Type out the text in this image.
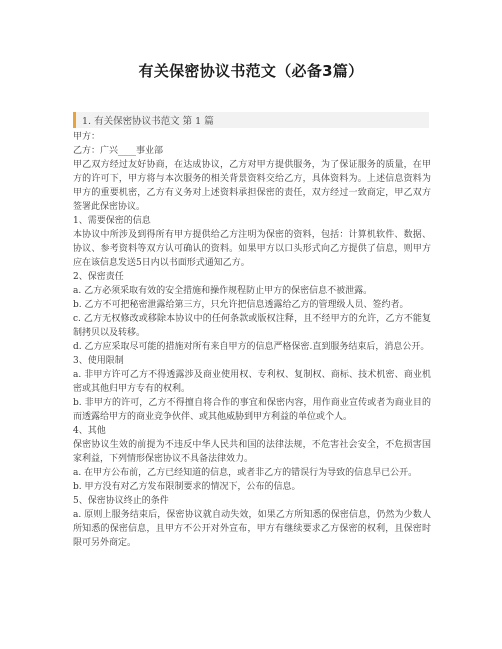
有关保密协议书范文（必备3篇）
1. 有关保密协议书范文 第 1 篇

甲方：

乙方：广兴____事业部

甲乙双方经过友好协商，在达成协议，乙方对甲方提供服务，为了保证服务的质量，在甲方的许可下，甲方将与本次服务的相关背景资料交给乙方，具体资料为。上述信息资料为甲方的重要机密，乙方有义务对上述资料承担保密的责任，双方经过一致商定，甲乙双方签署此保密协议。

1、需要保密的信息

本协议中所涉及到得所有甲方提供给乙方注明为保密的资料，包括：计算机软件、数据、协议、参考资料等双方认可确认的资料。如果甲方以口头形式向乙方提供了信息，则甲方应在该信息发送5日内以书面形式通知乙方。

2、保密责任

a. 乙方必须采取有效的安全措施和操作规程防止甲方的保密信息不被泄露。

b. 乙方不可把秘密泄露给第三方，只允许把信息透露给乙方的管理级人员、签约者。

c. 乙方无权修改或移除本协议中的任何条款或版权注释，且不经甲方的允许，乙方不能复制拷贝以及转移。

d. 乙方应采取尽可能的措施对所有来自甲方的信息严格保密.直到服务结束后，消息公开。

3、使用限制

a. 非甲方许可乙方不得透露涉及商业使用权、专利权、复制权、商标、技术机密、商业机密或其他归甲方专有的权利。

b. 非甲方的许可，乙方不得擅自将合作的事宜和保密内容，用作商业宣传或者为商业目的而透露给甲方的商业竞争伙伴、或其他威胁到甲方利益的单位或个人。

4、其他

保密协议生效的前提为不违反中华人民共和国的法律法规，不危害社会安全，不危损害国家利益，下列情形保密协议不具备法律效力。

a. 在甲方公布前，乙方已经知道的信息，或者非乙方的错误行为导致的信息早已公开。

b. 甲方没有对乙方发布限制要求的情况下，公布的信息。

5、保密协议终止的条件

a. 原则上服务结束后，保密协议就自动失效，如果乙方所知悉的保密信息，仍然为少数人所知悉的保密信息，且甲方不公开对外宣布，甲方有继续要求乙方保密的权利，且保密时限可另外商定。
